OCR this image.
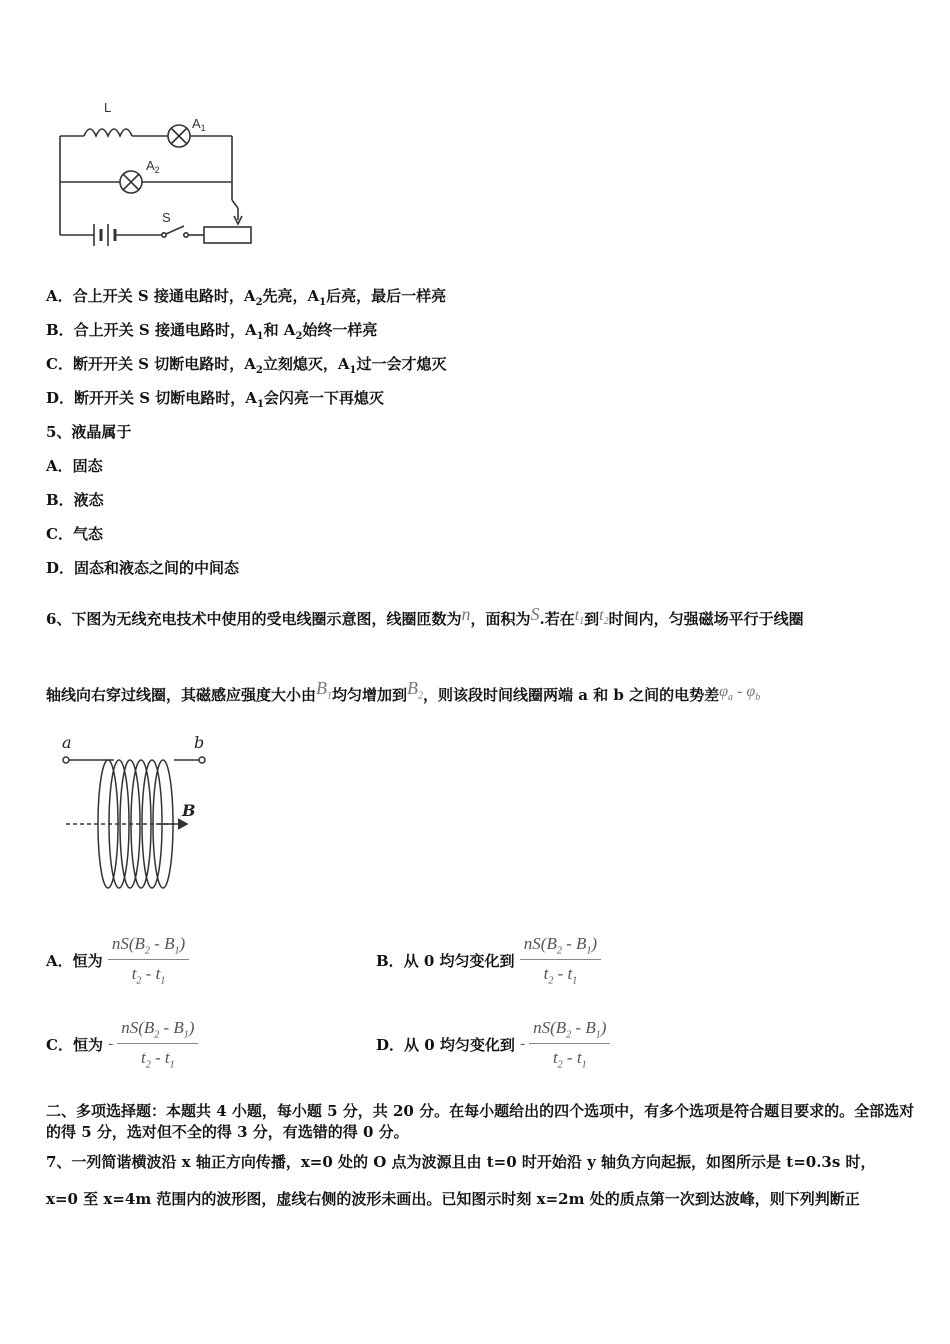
L
$A_1$
$A_2$
S
A．合上开关 S 接通电路时，$A_2$先亮，$A_1$后亮，最后一样亮
B．合上开关 S 接通电路时，$A_1$和 $A_2$始终一样亮
C．断开开关 S 切断电路时，$A_2$立刻熄灭，$A_1$过一会才熄灭
D．断开开关 S 切断电路时，$A_1$会闪亮一下再熄灭
5、液晶属于
A．固态
B．液态
C．气态
D．固态和液态之间的中间态
6、下图为无线充电技术中使用的受电线圈示意图，线圈匝数为n，面积为S.若在$t_1$到$t_2$时间内，匀强磁场平行于线圈
轴线向右穿过线圈，其磁感应强度大小由$B_1$均匀增加到$B_2$，则该段时间线圈两端 a 和 b 之间的电势差$\varphi_a - \varphi_b$
a	b
B
A．恒为 $\frac{nS(B_2 - B_1)}{t_2 - t_1}$	B．从 0 均匀变化到 $\frac{nS(B_2 - B_1)}{t_2 - t_1}$
C．恒为 - $\frac{nS(B_2 - B_1)}{t_2 - t_1}$	D．从 0 均匀变化到 - $\frac{nS(B_2 - B_1)}{t_2 - t_1}$
二、多项选择题：本题共 4 小题，每小题 5 分，共 20 分。在每小题给出的四个选项中，有多个选项是符合题目要求的。全部选对的得 5 分，选对但不全的得 3 分，有选错的得 0 分。
7、一列简谐横波沿 x 轴正方向传播，x=0 处的 O 点为波源且由 t=0 时开始沿 y 轴负方向起振，如图所示是 t=0.3s 时，
x=0 至 x=4m 范围内的波形图，虚线右侧的波形未画出。已知图示时刻 x=2m 处的质点第一次到达波峰，则下列判断正
